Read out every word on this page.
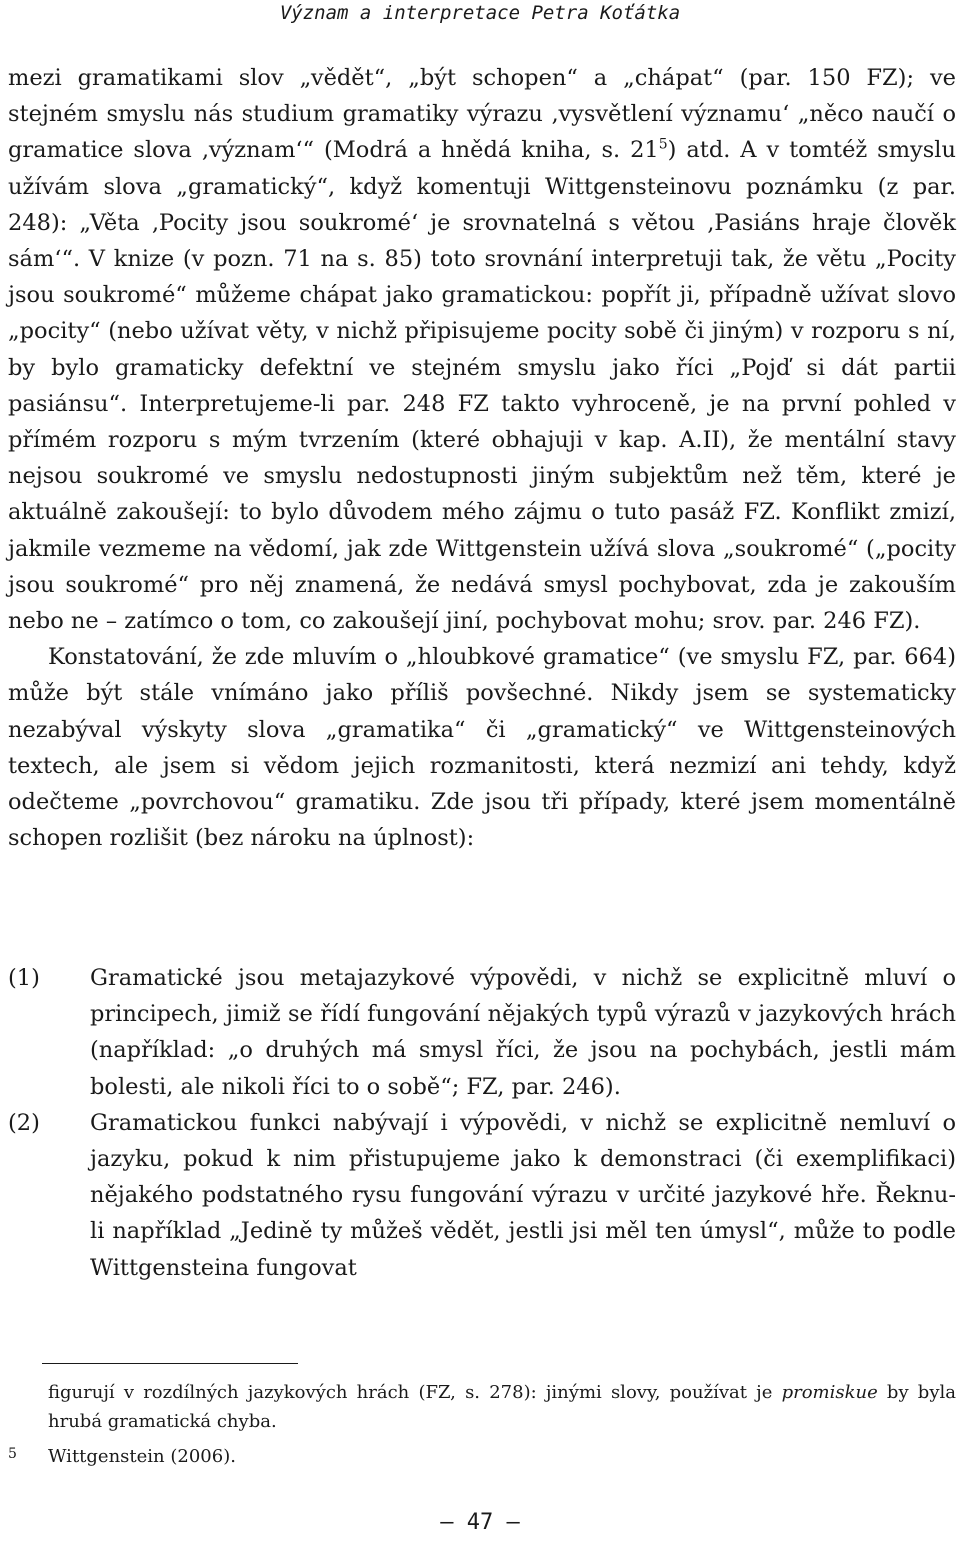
Význam a interpretace Petra Koťátka

mezi gramatikami slov „vědět“, „být schopen“ a „chápat“ (par. 150 FZ); ve stejném smyslu nás studium gramatiky výrazu ‚vysvětlení významu‘ „něco naučí o gramatice slova ‚význam‘“ (Modrá a hnědá kniha, s. $21^5$) atd. A v tomtéž smyslu užívám slova „gramatický“, když komentuji Wittgensteinovu poznámku (z par. 248): „Věta ‚Pocity jsou soukromé‘ je srovnatelná s větou ‚Pasiáns hraje člověk sám‘“. V knize (v pozn. 71 na s. 85) toto srovnání interpretuji tak, že větu „Pocity jsou soukromé“ můžeme chápat jako gramatickou: popřít ji, případně užívat slovo „pocity“ (nebo užívat věty, v nichž připisujeme pocity sobě či jiným) v rozporu s ní, by bylo gramaticky defektní ve stejném smyslu jako říci „Pojď si dát partii pasiánsu“. Interpretujeme-li par. 248 FZ takto vyhroceně, je na první pohled v přímém rozporu s mým tvrzením (které obhajuji v kap. A.II), že mentální stavy nejsou soukromé ve smyslu nedostupnosti jiným subjektům než těm, které je aktuálně zakoušejí: to bylo důvodem mého zájmu o tuto pasáž FZ. Konflikt zmizí, jakmile vezmeme na vědomí, jak zde Wittgenstein užívá slova „soukromé“ („pocity jsou soukromé“ pro něj znamená, že nedává smysl pochybovat, zda je zakouším nebo ne – zatímco o tom, co zakoušejí jiní, pochybovat mohu; srov. par. 246 FZ).

Konstatování, že zde mluvím o „hloubkové gramatice“ (ve smyslu FZ, par. 664) může být stále vnímáno jako příliš povšechné. Nikdy jsem se systematicky nezabýval výskyty slova „gramatika“ či „gramatický“ ve Wittgensteinových textech, ale jsem si vědom jejich rozmanitosti, která nezmizí ani tehdy, když odečteme „povrchovou“ gramatiku. Zde jsou tři případy, které jsem momentálně schopen rozlišit (bez nároku na úplnost):

(1) Gramatické jsou metajazykové výpovědi, v nichž se explicitně mluví o principech, jimiž se řídí fungování nějakých typů výrazů v jazykových hrách (například: „o druhých má smysl říci, že jsou na pochybách, jestli mám bolesti, ale nikoli říci to o sobě“; FZ, par. 246).

(2) Gramatickou funkci nabývají i výpovědi, v nichž se explicitně nemluví o jazyku, pokud k nim přistupujeme jako k demonstraci (či exemplifikaci) nějakého podstatného rysu fungování výrazu v určité jazykové hře. Řeknu-li například „Jedině ty můžeš vědět, jestli jsi měl ten úmysl“, může to podle Wittgensteina fungovat

figurují v rozdílných jazykových hrách (FZ, s. 278): jinými slovy, používat je promiskue by byla hrubá gramatická chyba.

5 Wittgenstein (2006).

– 47 –
